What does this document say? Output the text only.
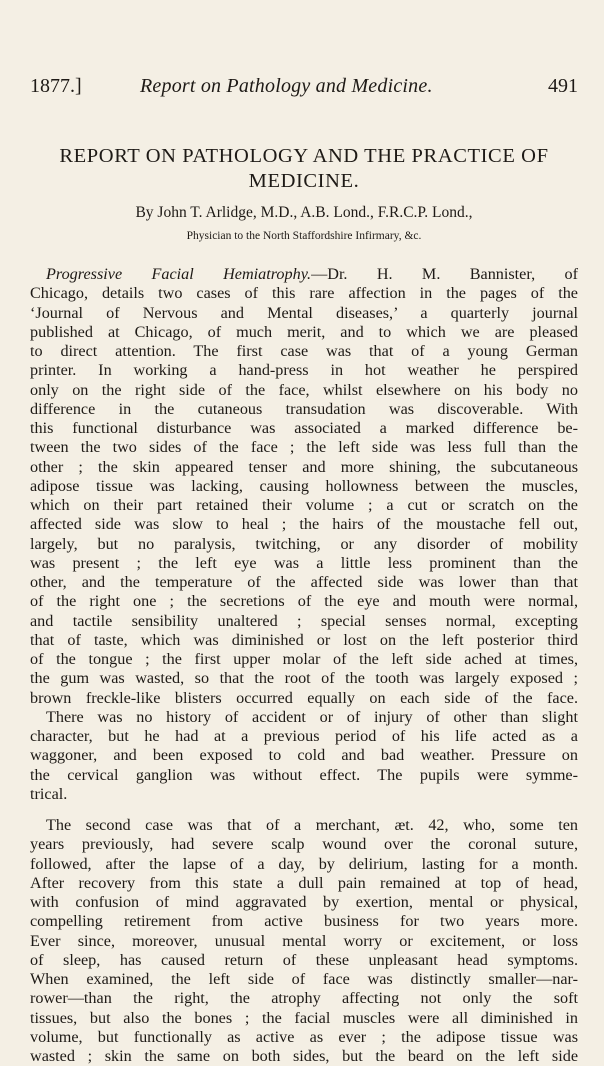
1877.]	Report on Pathology and Medicine.	491
REPORT ON PATHOLOGY AND THE PRACTICE OF
MEDICINE.
By John T. Arlidge, M.D., A.B. Lond., F.R.C.P. Lond.,
Physician to the North Staffordshire Infirmary, &c.
Progressive Facial Hemiatrophy.—Dr. H. M. Bannister, of
Chicago, details two cases of this rare affection in the pages of the
‘Journal of Nervous and Mental diseases,’ a quarterly journal
published at Chicago, of much merit, and to which we are pleased
to direct attention. The first case was that of a young German
printer. In working a hand-press in hot weather he perspired
only on the right side of the face, whilst elsewhere on his body no
difference in the cutaneous transudation was discoverable. With
this functional disturbance was associated a marked difference be-
tween the two sides of the face ; the left side was less full than the
other ; the skin appeared tenser and more shining, the subcutaneous
adipose tissue was lacking, causing hollowness between the muscles,
which on their part retained their volume ; a cut or scratch on the
affected side was slow to heal ; the hairs of the moustache fell out,
largely, but no paralysis, twitching, or any disorder of mobility
was present ; the left eye was a little less prominent than the
other, and the temperature of the affected side was lower than that
of the right one ; the secretions of the eye and mouth were normal,
and tactile sensibility unaltered ; special senses normal, excepting
that of taste, which was diminished or lost on the left posterior third
of the tongue ; the first upper molar of the left side ached at times,
the gum was wasted, so that the root of the tooth was largely exposed ;
brown freckle-like blisters occurred equally on each side of the face.
There was no history of accident or of injury of other than slight
character, but he had at a previous period of his life acted as a
waggoner, and been exposed to cold and bad weather. Pressure on
the cervical ganglion was without effect. The pupils were symme-
trical.
The second case was that of a merchant, æt. 42, who, some ten
years previously, had severe scalp wound over the coronal suture,
followed, after the lapse of a day, by delirium, lasting for a month.
After recovery from this state a dull pain remained at top of head,
with confusion of mind aggravated by exertion, mental or physical,
compelling retirement from active business for two years more.
Ever since, moreover, unusual mental worry or excitement, or loss
of sleep, has caused return of these unpleasant head symptoms.
When examined, the left side of face was distinctly smaller—nar-
rower—than the right, the atrophy affecting not only the soft
tissues, but also the bones ; the facial muscles were all diminished in
volume, but functionally as active as ever ; the adipose tissue was
wasted ; skin the same on both sides, but the beard on the left side
